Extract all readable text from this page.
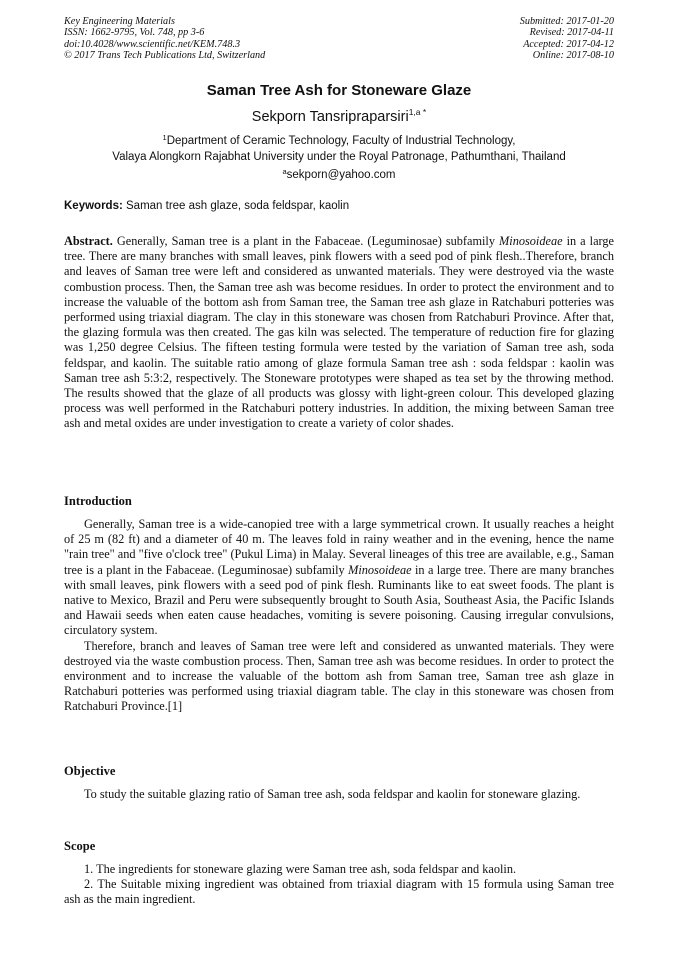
Key Engineering Materials
ISSN: 1662-9795, Vol. 748, pp 3-6
doi:10.4028/www.scientific.net/KEM.748.3
© 2017 Trans Tech Publications Ltd, Switzerland
Submitted: 2017-01-20
Revised: 2017-04-11
Accepted: 2017-04-12
Online: 2017-08-10
Saman Tree Ash for Stoneware Glaze
Sekporn Tansripraparsiri$^{1,a *}$
$^1$Department of Ceramic Technology, Faculty of Industrial Technology,
Valaya Alongkorn Rajabhat University under the Royal Patronage, Pathumthani, Thailand
$^a$sekporn@yahoo.com
Keywords: Saman tree ash glaze, soda feldspar, kaolin

Abstract. Generally, Saman tree is a plant in the Fabaceae. (Leguminosae) subfamily Minosoideae in a large tree. There are many branches with small leaves, pink flowers with a seed pod of pink flesh..Therefore, branch and leaves of Saman tree were left and considered as unwanted materials. They were destroyed via the waste combustion process. Then, the Saman tree ash was become residues. In order to protect the environment and to increase the valuable of the bottom ash from Saman tree, the Saman tree ash glaze in Ratchaburi potteries was performed using triaxial diagram. The clay in this stoneware was chosen from Ratchaburi Province. After that, the glazing formula was then created. The gas kiln was selected. The temperature of reduction fire for glazing was 1,250 degree Celsius. The fifteen testing formula were tested by the variation of Saman tree ash, soda feldspar, and kaolin. The suitable ratio among of glaze formula Saman tree ash : soda feldspar : kaolin was Saman tree ash 5:3:2, respectively. The Stoneware prototypes were shaped as tea set by the throwing method. The results showed that the glaze of all products was glossy with light-green colour. This developed glazing process was well performed in the Ratchaburi pottery industries. In addition, the mixing between Saman tree ash and metal oxides are under investigation to create a variety of color shades.

Introduction

Generally, Saman tree is a wide-canopied tree with a large symmetrical crown. It usually reaches a height of 25 m (82 ft) and a diameter of 40 m. The leaves fold in rainy weather and in the evening, hence the name "rain tree" and "five o'clock tree" (Pukul Lima) in Malay. Several lineages of this tree are available, e.g., Saman tree is a plant in the Fabaceae. (Leguminosae) subfamily Minosoideae in a large tree. There are many branches with small leaves, pink flowers with a seed pod of pink flesh. Ruminants like to eat sweet foods. The plant is native to Mexico, Brazil and Peru were subsequently brought to South Asia, Southeast Asia, the Pacific Islands and Hawaii seeds when eaten cause headaches, vomiting is severe poisoning. Causing irregular convulsions, circulatory system.

Therefore, branch and leaves of Saman tree were left and considered as unwanted materials. They were destroyed via the waste combustion process. Then, Saman tree ash was become residues. In order to protect the environment and to increase the valuable of the bottom ash from Saman tree, Saman tree ash glaze in Ratchaburi potteries was performed using triaxial diagram table. The clay in this stoneware was chosen from Ratchaburi Province.[1]

Objective

To study the suitable glazing ratio of Saman tree ash, soda feldspar and kaolin for stoneware glazing.

Scope

1. The ingredients for stoneware glazing were Saman tree ash, soda feldspar and kaolin.

2. The Suitable mixing ingredient was obtained from triaxial diagram with 15 formula using Saman tree ash as the main ingredient.
